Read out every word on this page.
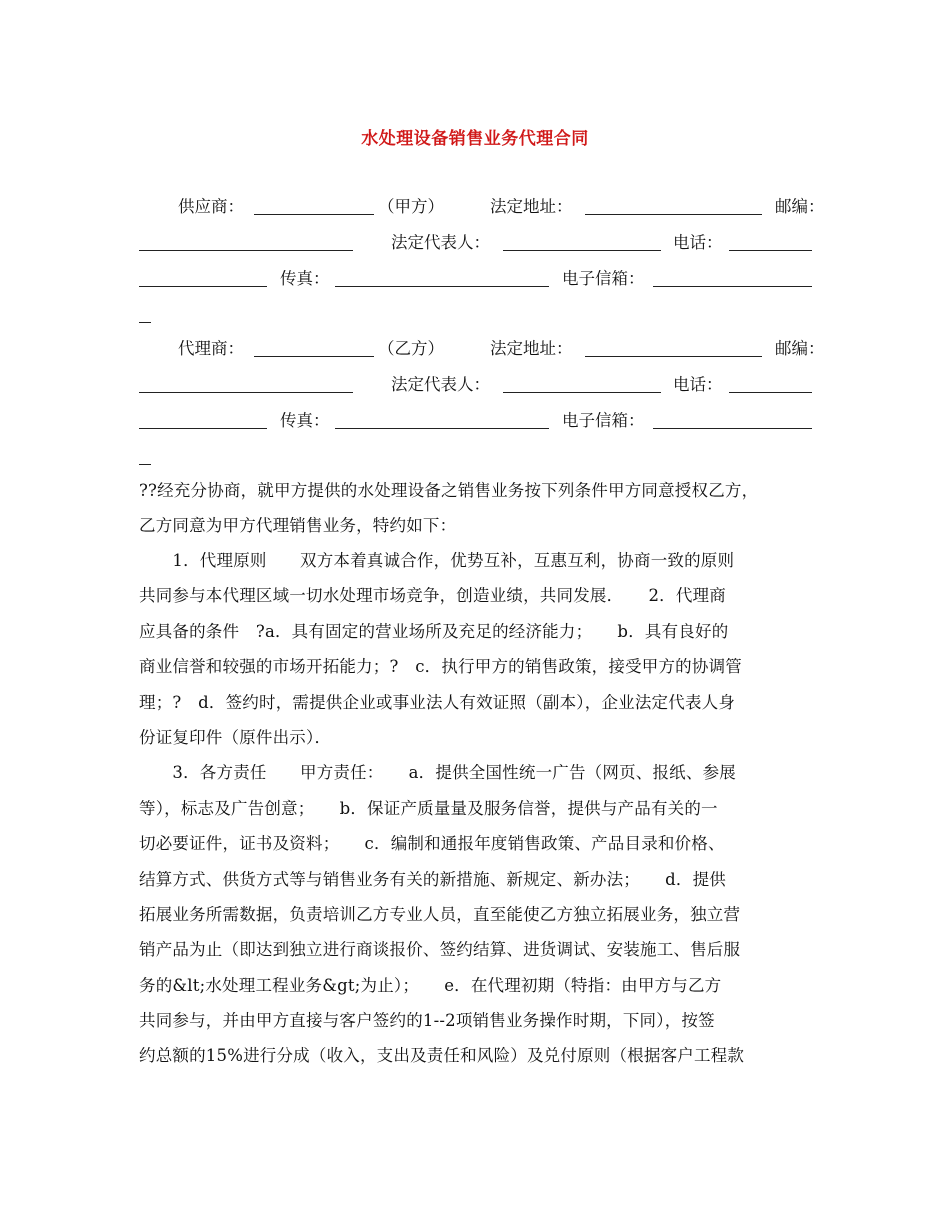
水处理设备销售业务代理合同
供应商：
	（甲方）	法定地址：
	邮编：

法定代表人：
	电话：

传真：
	电子信箱：

代理商：
	（乙方）	法定地址：
	邮编：

法定代表人：
	电话：

传真：
	电子信箱：

??经充分协商，就甲方提供的水处理设备之销售业务按下列条件甲方同意授权乙方，
乙方同意为甲方代理销售业务，特约如下：
　　1．代理原则　　双方本着真诚合作，优势互补，互惠互利，协商一致的原则
共同参与本代理区域一切水处理市场竞争，创造业绩，共同发展．　　2．代理商
应具备的条件　?a．具有固定的营业场所及充足的经济能力；　　b．具有良好的
商业信誉和较强的市场开拓能力；?　c．执行甲方的销售政策，接受甲方的协调管
理；?　d．签约时，需提供企业或事业法人有效证照（副本），企业法定代表人身
份证复印件（原件出示）．
　　3．各方责任　　甲方责任：　　a．提供全国性统一广告（网页、报纸、参展
等），标志及广告创意；　　b．保证产质量量及服务信誉，提供与产品有关的一
切必要证件，证书及资料；　　c．编制和通报年度销售政策、产品目录和价格、
结算方式、供货方式等与销售业务有关的新措施、新规定、新办法；　　d．提供
拓展业务所需数据，负责培训乙方专业人员，直至能使乙方独立拓展业务，独立营
销产品为止（即达到独立进行商谈报价、签约结算、进货调试、安装施工、售后服
务的&lt;水处理工程业务&gt;为止）；　　e．在代理初期（特指：由甲方与乙方
共同参与，并由甲方直接与客户签约的1--2项销售业务操作时期，下同），按签
约总额的15%进行分成（收入，支出及责任和风险）及兑付原则（根据客户工程款
